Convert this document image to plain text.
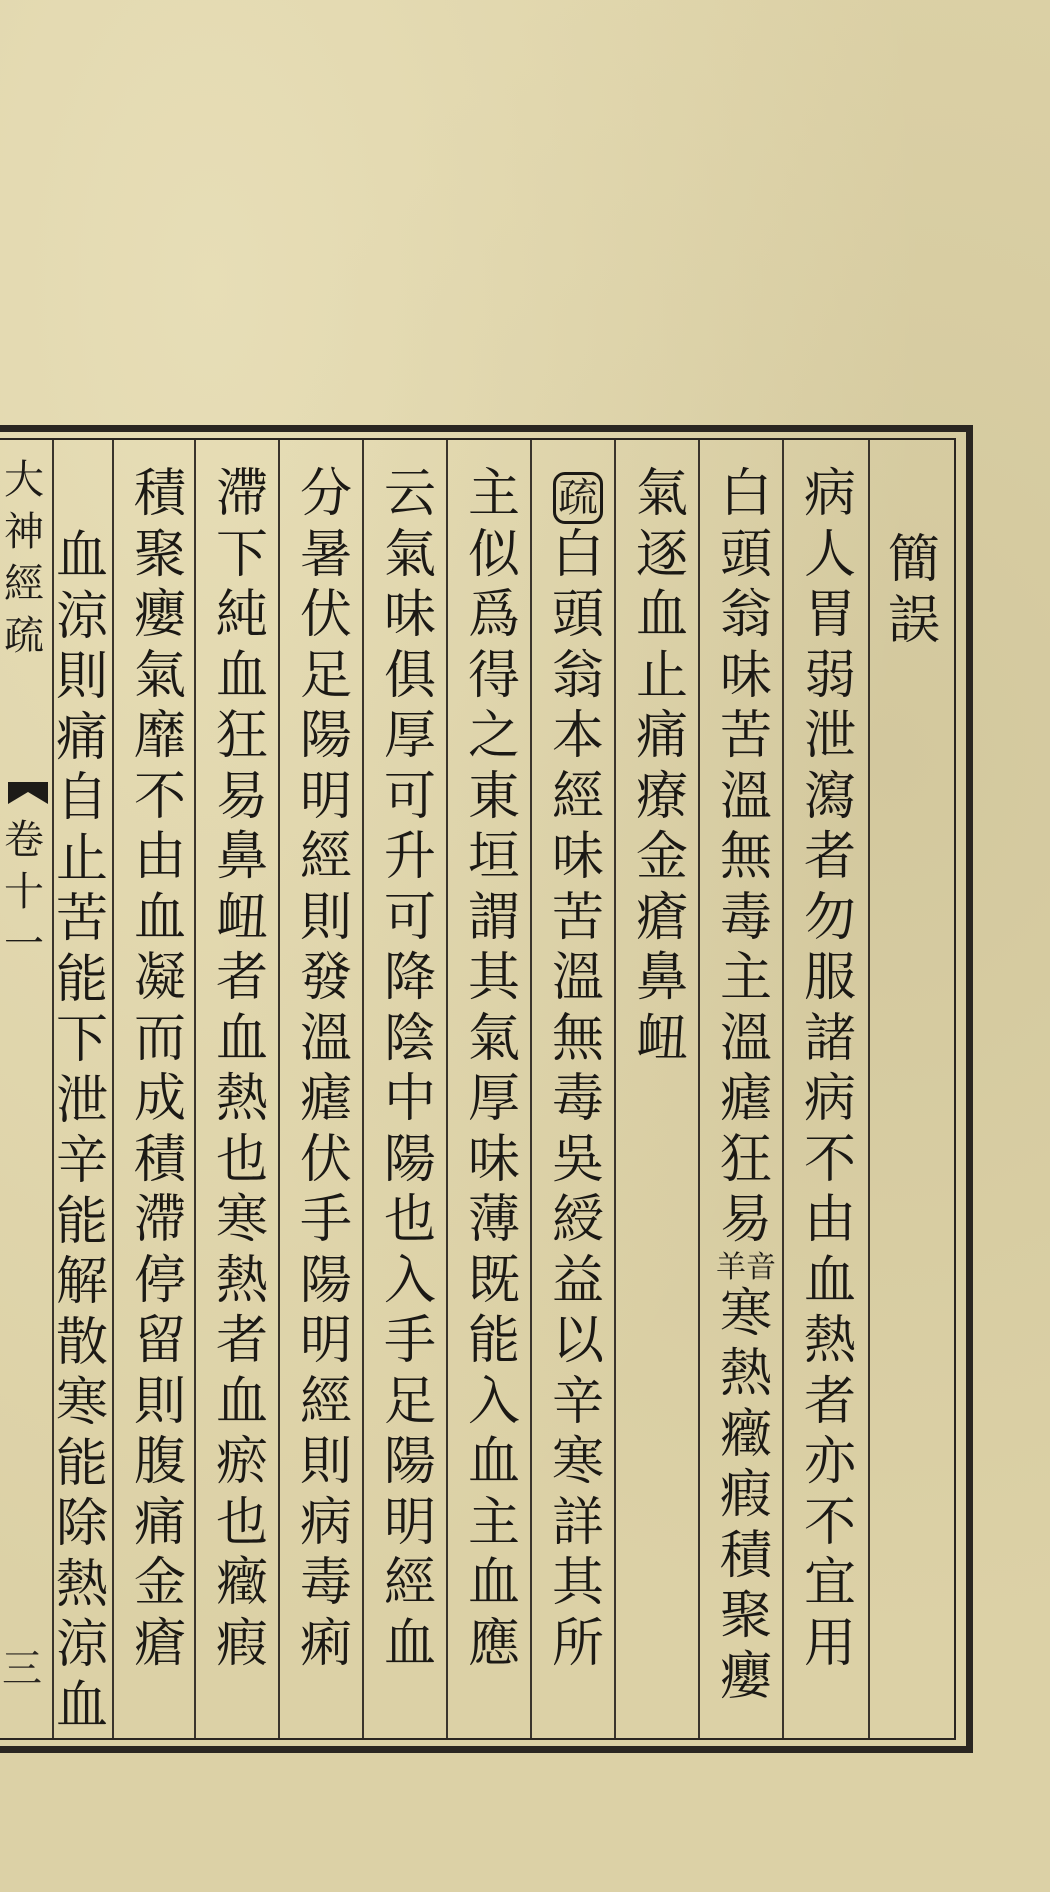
大
神
經
疏
卷
十
一
三
簡
誤
病
人
胃
弱
泄
瀉
者
勿
服
諸
病
不
由
血
熱
者
亦
不
宜
用
白
頭
翁
味
苦
溫
無
毒
主
溫
瘧
狂
易
音
羊
寒
熱
癥
瘕
積
聚
癭
氣
逐
血
止
痛
療
金
瘡
鼻
衄
疏
白
頭
翁
本
經
味
苦
溫
無
毒
吳
綬
益
以
辛
寒
詳
其
所
主
似
爲
得
之
東
垣
謂
其
氣
厚
味
薄
既
能
入
血
主
血
應
云
氣
味
俱
厚
可
升
可
降
陰
中
陽
也
入
手
足
陽
明
經
血
分
暑
伏
足
陽
明
經
則
發
溫
瘧
伏
手
陽
明
經
則
病
毒
痢
滯
下
純
血
狂
易
鼻
衄
者
血
熱
也
寒
熱
者
血
瘀
也
癥
瘕
積
聚
癭
氣
靡
不
由
血
凝
而
成
積
滯
停
留
則
腹
痛
金
瘡
血
涼
則
痛
自
止
苦
能
下
泄
辛
能
解
散
寒
能
除
熱
涼
血
